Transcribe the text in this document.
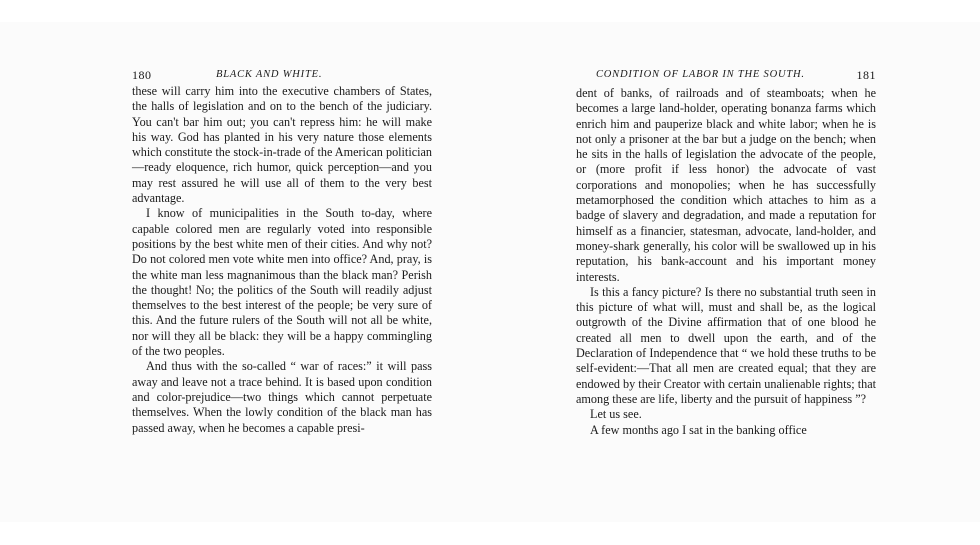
180	BLACK AND WHITE.

these will carry him into the executive chambers of States, the halls of legislation and on to the bench of the judiciary. You can't bar him out; you can't repress him: he will make his way. God has planted in his very nature those elements which constitute the stock-in-trade of the American politician—ready eloquence, rich humor, quick perception—and you may rest assured he will use all of them to the very best advantage.

I know of municipalities in the South to-day, where capable colored men are regularly voted into responsible positions by the best white men of their cities. And why not? Do not colored men vote white men into office? And, pray, is the white man less magnanimous than the black man? Perish the thought! No; the politics of the South will readily adjust themselves to the best interest of the people; be very sure of this. And the future rulers of the South will not all be white, nor will they all be black: they will be a happy commingling of the two peoples.

And thus with the so-called “ war of races:” it will pass away and leave not a trace behind. It is based upon condition and color-prejudice—two things which cannot perpetuate themselves. When the lowly condition of the black man has passed away, when he becomes a capable presi-

CONDITION OF LABOR IN THE SOUTH.	181

dent of banks, of railroads and of steamboats; when he becomes a large land-holder, operating bonanza farms which enrich him and pauperize black and white labor; when he is not only a prisoner at the bar but a judge on the bench; when he sits in the halls of legislation the advocate of the people, or (more profit if less honor) the advocate of vast corporations and monopolies; when he has successfully metamorphosed the condition which attaches to him as a badge of slavery and degradation, and made a reputation for himself as a financier, statesman, advocate, land-holder, and money-shark generally, his color will be swallowed up in his reputation, his bank-account and his important money interests.

Is this a fancy picture? Is there no substantial truth seen in this picture of what will, must and shall be, as the logical outgrowth of the Divine affirmation that of one blood he created all men to dwell upon the earth, and of the Declaration of Independence that “ we hold these truths to be self-evident:—That all men are created equal; that they are endowed by their Creator with certain unalienable rights; that among these are life, liberty and the pursuit of happiness ”?

Let us see.

A few months ago I sat in the banking office
